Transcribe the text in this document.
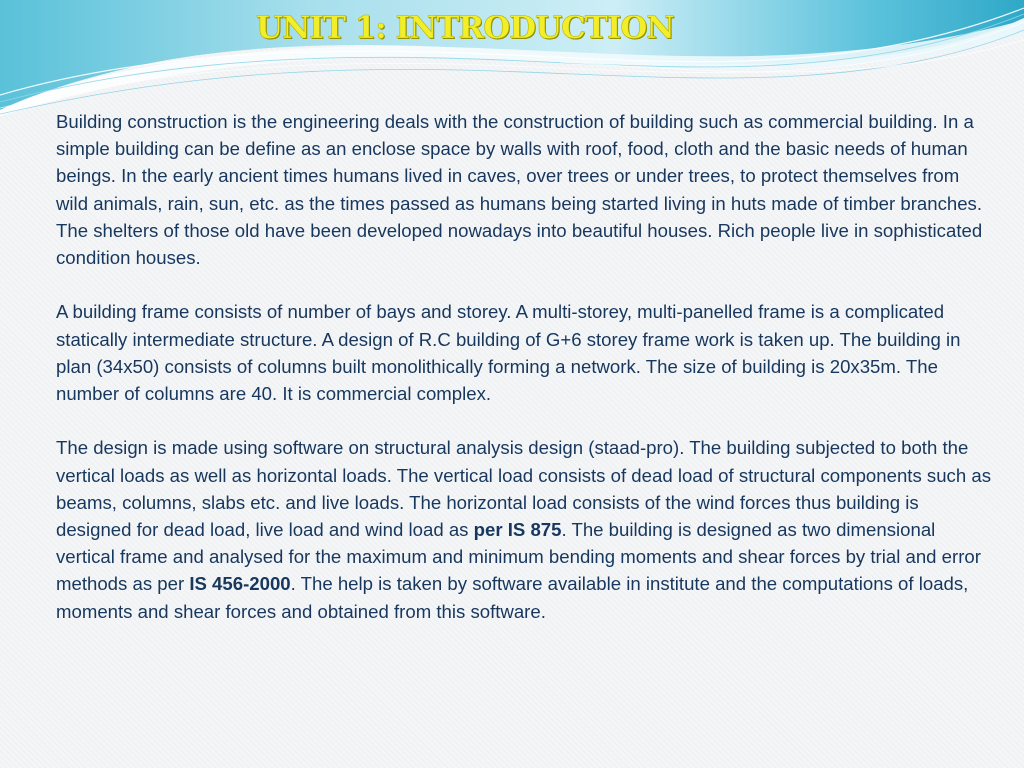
UNIT 1: INTRODUCTION

Building construction is the engineering deals with the construction of building such as commercial building. In a simple building can be define as an enclose space by walls with roof, food, cloth and the basic needs of human beings. In the early ancient times humans lived in caves, over trees or under trees, to protect themselves from wild animals, rain, sun, etc. as the times passed as humans being started living in huts made of timber branches. The shelters of those old have been developed nowadays into beautiful houses. Rich people live in sophisticated condition houses.

A building frame consists of number of bays and storey. A multi-storey, multi-panelled frame is a complicated statically intermediate structure. A design of R.C building of G+6 storey frame work is taken up. The building in plan (34x50) consists of columns built monolithically forming a network. The size of building is 20x35m. The number of columns are 40. It is commercial complex.

The design is made using software on structural analysis design (staad-pro). The building subjected to both the vertical loads as well as horizontal loads. The vertical load consists of dead load of structural components such as beams, columns, slabs etc. and live loads. The horizontal load consists of the wind forces thus building is designed for dead load, live load and wind load as per IS 875. The building is designed as two dimensional vertical frame and analysed for the maximum and minimum bending moments and shear forces by trial and error methods as per IS 456-2000. The help is taken by software available in institute and the computations of loads, moments and shear forces and obtained from this software.
